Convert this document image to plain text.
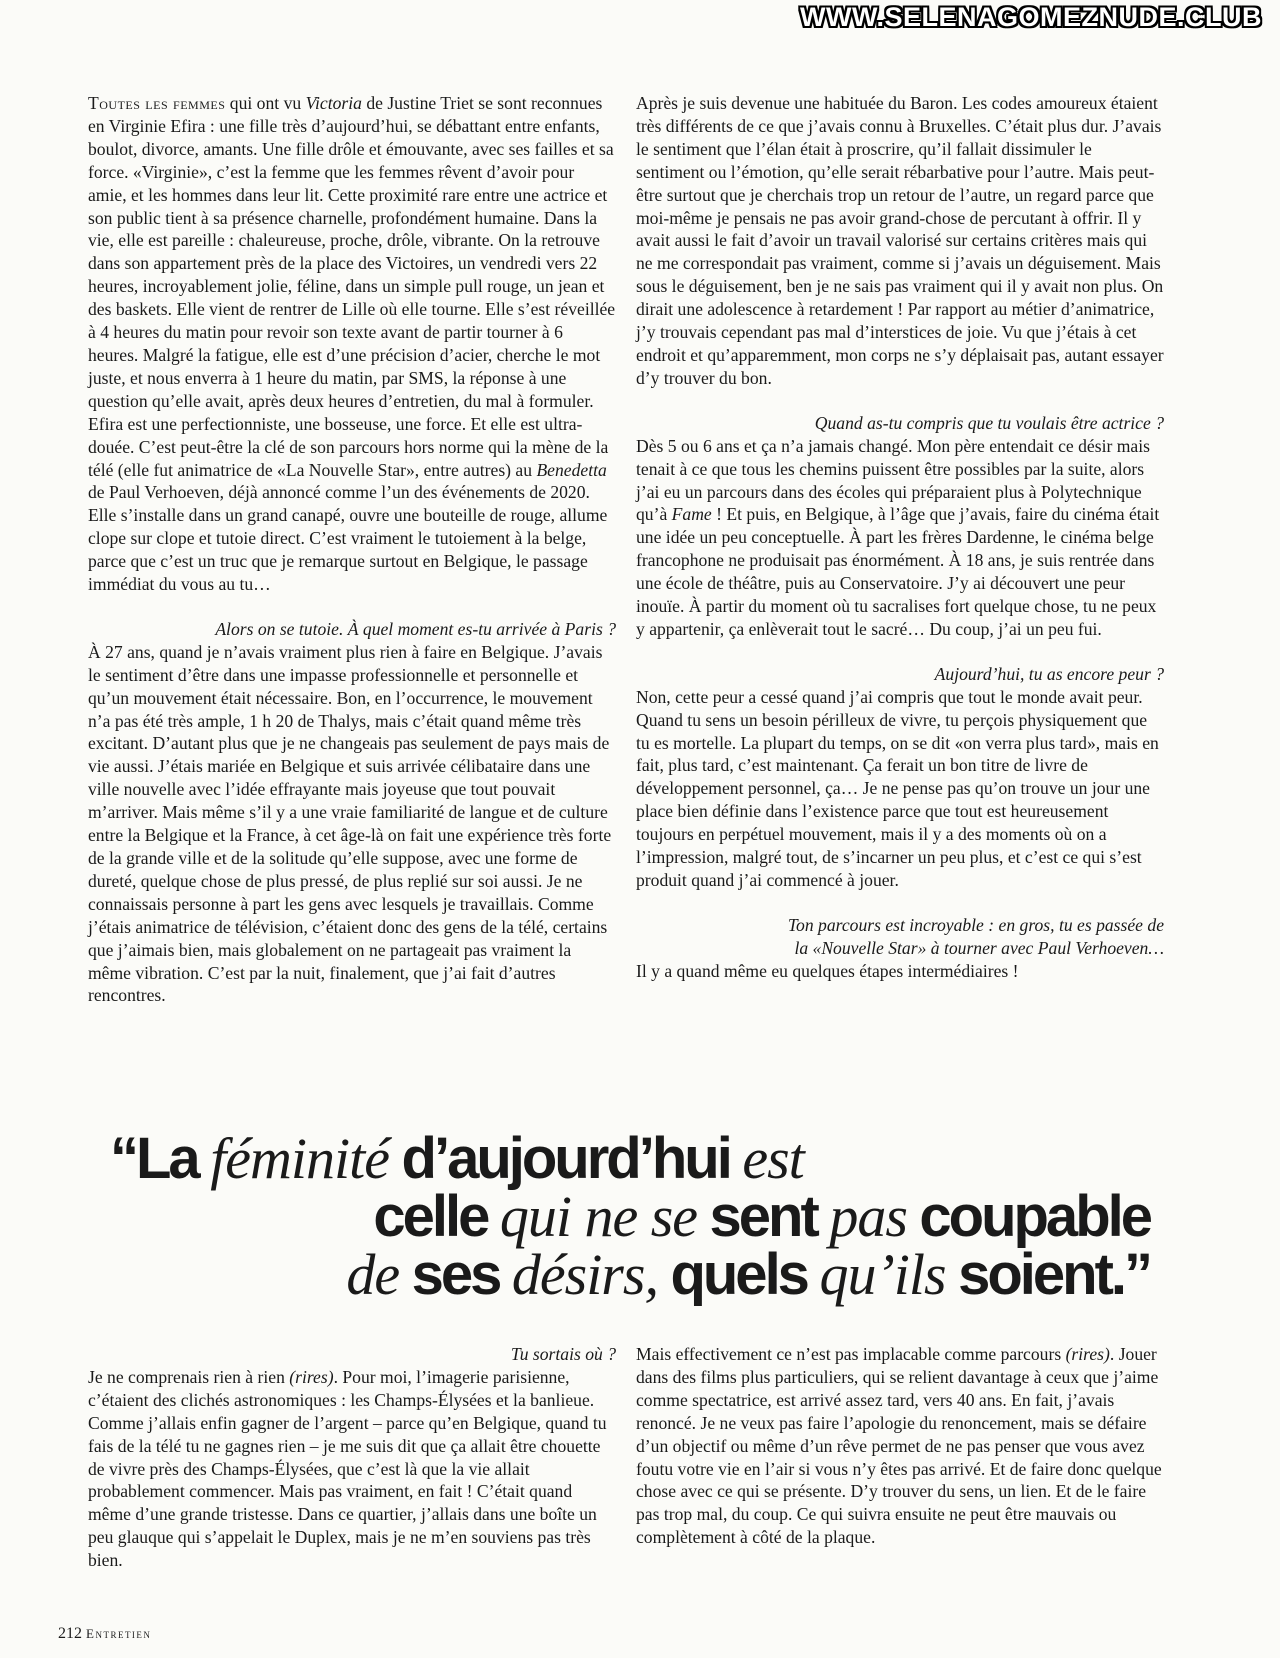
WWW.SELENAGOMEZNUDE.CLUB

Toutes les femmes qui ont vu Victoria de Justine Triet se sont reconnues en Virginie Efira : une fille très d’aujourd’hui, se débattant entre enfants, boulot, divorce, amants. Une fille drôle et émouvante, avec ses failles et sa force. «Virginie», c’est la femme que les femmes rêvent d’avoir pour amie, et les hommes dans leur lit. Cette proximité rare entre une actrice et son public tient à sa présence charnelle, profondément humaine. Dans la vie, elle est pareille : chaleureuse, proche, drôle, vibrante. On la retrouve dans son appartement près de la place des Victoires, un vendredi vers 22 heures, incroyablement jolie, féline, dans un simple pull rouge, un jean et des baskets. Elle vient de rentrer de Lille où elle tourne. Elle s’est réveillée à 4 heures du matin pour revoir son texte avant de partir tourner à 6 heures. Malgré la fatigue, elle est d’une précision d’acier, cherche le mot juste, et nous enverra à 1 heure du matin, par SMS, la réponse à une question qu’elle avait, après deux heures d’entretien, du mal à formuler. Efira est une perfectionniste, une bosseuse, une force. Et elle est ultra-douée. C’est peut-être la clé de son parcours hors norme qui la mène de la télé (elle fut animatrice de «La Nouvelle Star», entre autres) au Benedetta de Paul Verhoeven, déjà annoncé comme l’un des événements de 2020. Elle s’installe dans un grand canapé, ouvre une bouteille de rouge, allume clope sur clope et tutoie direct. C’est vraiment le tutoiement à la belge, parce que c’est un truc que je remarque surtout en Belgique, le passage immédiat du vous au tu…

Alors on se tutoie. À quel moment es-tu arrivée à Paris ?

À 27 ans, quand je n’avais vraiment plus rien à faire en Belgique. J’avais le sentiment d’être dans une impasse professionnelle et personnelle et qu’un mouvement était nécessaire. Bon, en l’occurrence, le mouvement n’a pas été très ample, 1 h 20 de Thalys, mais c’était quand même très excitant. D’autant plus que je ne changeais pas seulement de pays mais de vie aussi. J’étais mariée en Belgique et suis arrivée célibataire dans une ville nouvelle avec l’idée effrayante mais joyeuse que tout pouvait m’arriver. Mais même s’il y a une vraie familiarité de langue et de culture entre la Belgique et la France, à cet âge-là on fait une expérience très forte de la grande ville et de la solitude qu’elle suppose, avec une forme de dureté, quelque chose de plus pressé, de plus replié sur soi aussi. Je ne connaissais personne à part les gens avec lesquels je travaillais. Comme j’étais animatrice de télévision, c’étaient donc des gens de la télé, certains que j’aimais bien, mais globalement on ne partageait pas vraiment la même vibration. C’est par la nuit, finalement, que j’ai fait d’autres rencontres.

Après je suis devenue une habituée du Baron. Les codes amoureux étaient très différents de ce que j’avais connu à Bruxelles. C’était plus dur. J’avais le sentiment que l’élan était à proscrire, qu’il fallait dissimuler le sentiment ou l’émotion, qu’elle serait rébarbative pour l’autre. Mais peut-être surtout que je cherchais trop un retour de l’autre, un regard parce que moi-même je pensais ne pas avoir grand-chose de percutant à offrir. Il y avait aussi le fait d’avoir un travail valorisé sur certains critères mais qui ne me correspondait pas vraiment, comme si j’avais un déguisement. Mais sous le déguisement, ben je ne sais pas vraiment qui il y avait non plus. On dirait une adolescence à retardement ! Par rapport au métier d’animatrice, j’y trouvais cependant pas mal d’interstices de joie. Vu que j’étais à cet endroit et qu’apparemment, mon corps ne s’y déplaisait pas, autant essayer d’y trouver du bon.

Quand as-tu compris que tu voulais être actrice ?

Dès 5 ou 6 ans et ça n’a jamais changé. Mon père entendait ce désir mais tenait à ce que tous les chemins puissent être possibles par la suite, alors j’ai eu un parcours dans des écoles qui préparaient plus à Polytechnique qu’à Fame ! Et puis, en Belgique, à l’âge que j’avais, faire du cinéma était une idée un peu conceptuelle. À part les frères Dardenne, le cinéma belge francophone ne produisait pas énormément. À 18 ans, je suis rentrée dans une école de théâtre, puis au Conservatoire. J’y ai découvert une peur inouïe. À partir du moment où tu sacralises fort quelque chose, tu ne peux y appartenir, ça enlèverait tout le sacré… Du coup, j’ai un peu fui.

Aujourd’hui, tu as encore peur ?

Non, cette peur a cessé quand j’ai compris que tout le monde avait peur. Quand tu sens un besoin périlleux de vivre, tu perçois physiquement que tu es mortelle. La plupart du temps, on se dit «on verra plus tard», mais en fait, plus tard, c’est maintenant. Ça ferait un bon titre de livre de développement personnel, ça… Je ne pense pas qu’on trouve un jour une place bien définie dans l’existence parce que tout est heureusement toujours en perpétuel mouvement, mais il y a des moments où on a l’impression, malgré tout, de s’incarner un peu plus, et c’est ce qui s’est produit quand j’ai commencé à jouer.

Ton parcours est incroyable : en gros, tu es passée de
la «Nouvelle Star» à tourner avec Paul Verhoeven…

Il y a quand même eu quelques étapes intermédiaires !

“La féminité d’aujourd’hui est
celle qui ne se sent pas coupable
de ses désirs, quels qu’ils soient.”

Tu sortais où ?

Je ne comprenais rien à rien (rires). Pour moi, l’imagerie parisienne, c’étaient des clichés astronomiques : les Champs-Élysées et la banlieue. Comme j’allais enfin gagner de l’argent – parce qu’en Belgique, quand tu fais de la télé tu ne gagnes rien – je me suis dit que ça allait être chouette de vivre près des Champs-Élysées, que c’est là que la vie allait probablement commencer. Mais pas vraiment, en fait ! C’était quand même d’une grande tristesse. Dans ce quartier, j’allais dans une boîte un peu glauque qui s’appelait le Duplex, mais je ne m’en souviens pas très bien.

Mais effectivement ce n’est pas implacable comme parcours (rires). Jouer dans des films plus particuliers, qui se relient davantage à ceux que j’aime comme spectatrice, est arrivé assez tard, vers 40 ans. En fait, j’avais renoncé. Je ne veux pas faire l’apologie du renoncement, mais se défaire d’un objectif ou même d’un rêve permet de ne pas penser que vous avez foutu votre vie en l’air si vous n’y êtes pas arrivé. Et de faire donc quelque chose avec ce qui se présente. D’y trouver du sens, un lien. Et de le faire pas trop mal, du coup. Ce qui suivra ensuite ne peut être mauvais ou complètement à côté de la plaque.

212 Entretien
